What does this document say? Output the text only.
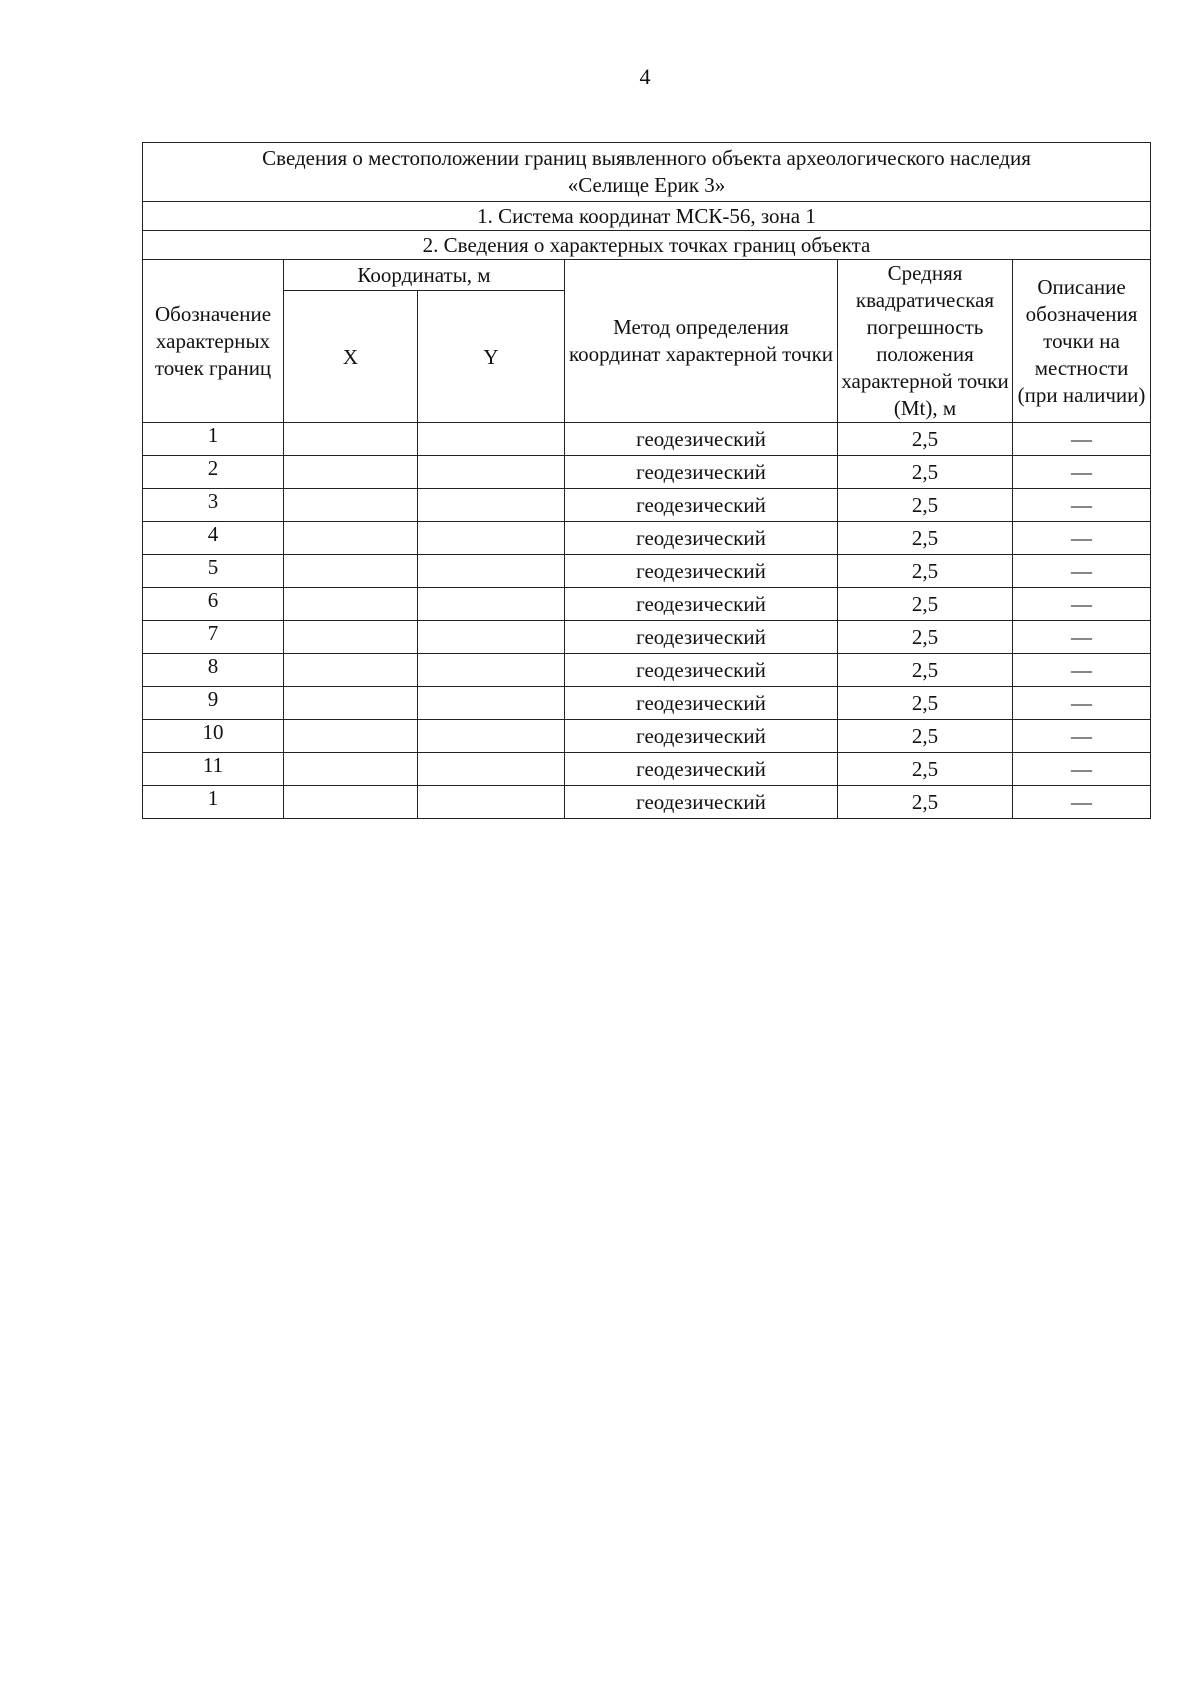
4
Сведения о местоположении границ выявленного объекта археологического наследия
«Селище Ерик 3»					

1. Система координат МСК-56, зона 1					
2. Сведения о характерных точках границ объекта					
Обозначение характерных точек границ	Координаты, м		Метод определения координат характерной точки	Средняя квадратическая погрешность положения характерной точки (Mt), м	Описание обозначения точки на местности (при наличии)
	X	Y			
1			геодезический	2,5	—
2			геодезический	2,5	—
3			геодезический	2,5	—
4			геодезический	2,5	—
5			геодезический	2,5	—
6			геодезический	2,5	—
7			геодезический	2,5	—
8			геодезический	2,5	—
9			геодезический	2,5	—
10			геодезический	2,5	—
11			геодезический	2,5	—
1			геодезический	2,5	—
